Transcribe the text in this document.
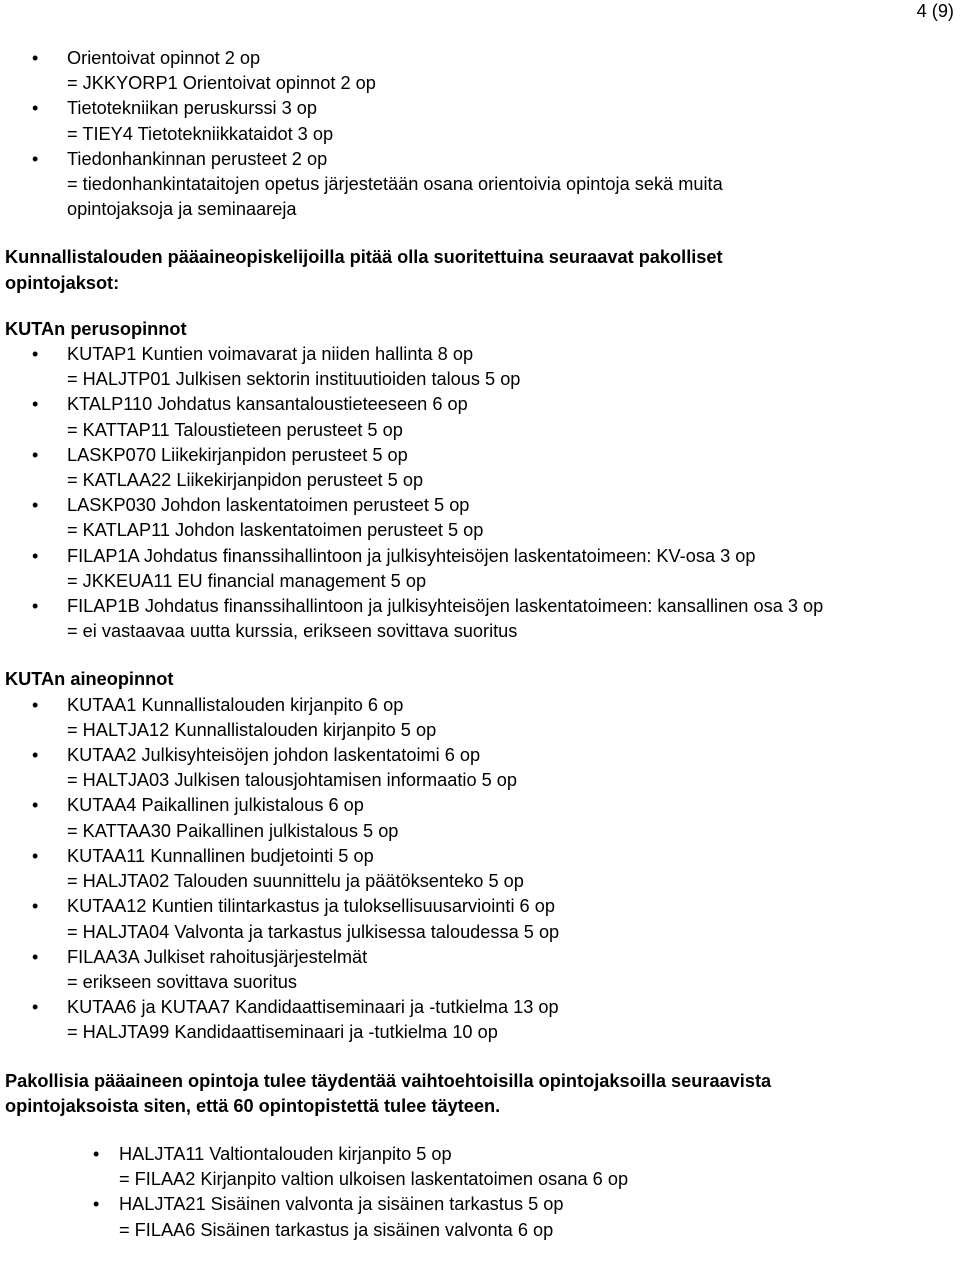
4 (9)
• Orientoivat opinnot 2 op
= JKKYORP1 Orientoivat opinnot 2 op
• Tietotekniikan peruskurssi 3 op
= TIEY4 Tietotekniikkataidot 3 op
• Tiedonhankinnan perusteet 2 op
= tiedonhankintataitojen opetus järjestetään osana orientoivia opintoja sekä muita
opintojaksoja ja seminaareja
Kunnallistalouden pääaineopiskelijoilla pitää olla suoritettuina seuraavat pakolliset
opintojaksot:
KUTAn perusopinnot
• KUTAP1 Kuntien voimavarat ja niiden hallinta 8 op
= HALJTP01 Julkisen sektorin instituutioiden talous 5 op
• KTALP110 Johdatus kansantaloustieteeseen 6 op
= KATTAP11 Taloustieteen perusteet 5 op
• LASKP070 Liikekirjanpidon perusteet 5 op
= KATLAA22 Liikekirjanpidon perusteet 5 op
• LASKP030 Johdon laskentatoimen perusteet 5 op
= KATLAP11 Johdon laskentatoimen perusteet 5 op
• FILAP1A Johdatus finanssihallintoon ja julkisyhteisöjen laskentatoimeen: KV-osa 3 op
= JKKEUA11 EU financial management 5 op
• FILAP1B Johdatus finanssihallintoon ja julkisyhteisöjen laskentatoimeen: kansallinen osa 3 op
= ei vastaavaa uutta kurssia, erikseen sovittava suoritus
KUTAn aineopinnot
• KUTAA1 Kunnallistalouden kirjanpito 6 op
= HALTJA12 Kunnallistalouden kirjanpito 5 op
• KUTAA2 Julkisyhteisöjen johdon laskentatoimi 6 op
= HALTJA03 Julkisen talousjohtamisen informaatio 5 op
• KUTAA4 Paikallinen julkistalous 6 op
= KATTAA30 Paikallinen julkistalous 5 op
• KUTAA11 Kunnallinen budjetointi 5 op
= HALJTA02 Talouden suunnittelu ja päätöksenteko 5 op
• KUTAA12 Kuntien tilintarkastus ja tuloksellisuusarviointi 6 op
= HALJTA04 Valvonta ja tarkastus julkisessa taloudessa 5 op
• FILAA3A Julkiset rahoitusjärjestelmät
= erikseen sovittava suoritus
• KUTAA6 ja KUTAA7 Kandidaattiseminaari ja -tutkielma 13 op
= HALJTA99 Kandidaattiseminaari ja -tutkielma 10 op
Pakollisia pääaineen opintoja tulee täydentää vaihtoehtoisilla opintojaksoilla seuraavista
opintojaksoista siten, että 60 opintopistettä tulee täyteen.
• HALJTA11 Valtiontalouden kirjanpito 5 op
= FILAA2 Kirjanpito valtion ulkoisen laskentatoimen osana 6 op
• HALJTA21 Sisäinen valvonta ja sisäinen tarkastus 5 op
= FILAA6 Sisäinen tarkastus ja sisäinen valvonta 6 op
